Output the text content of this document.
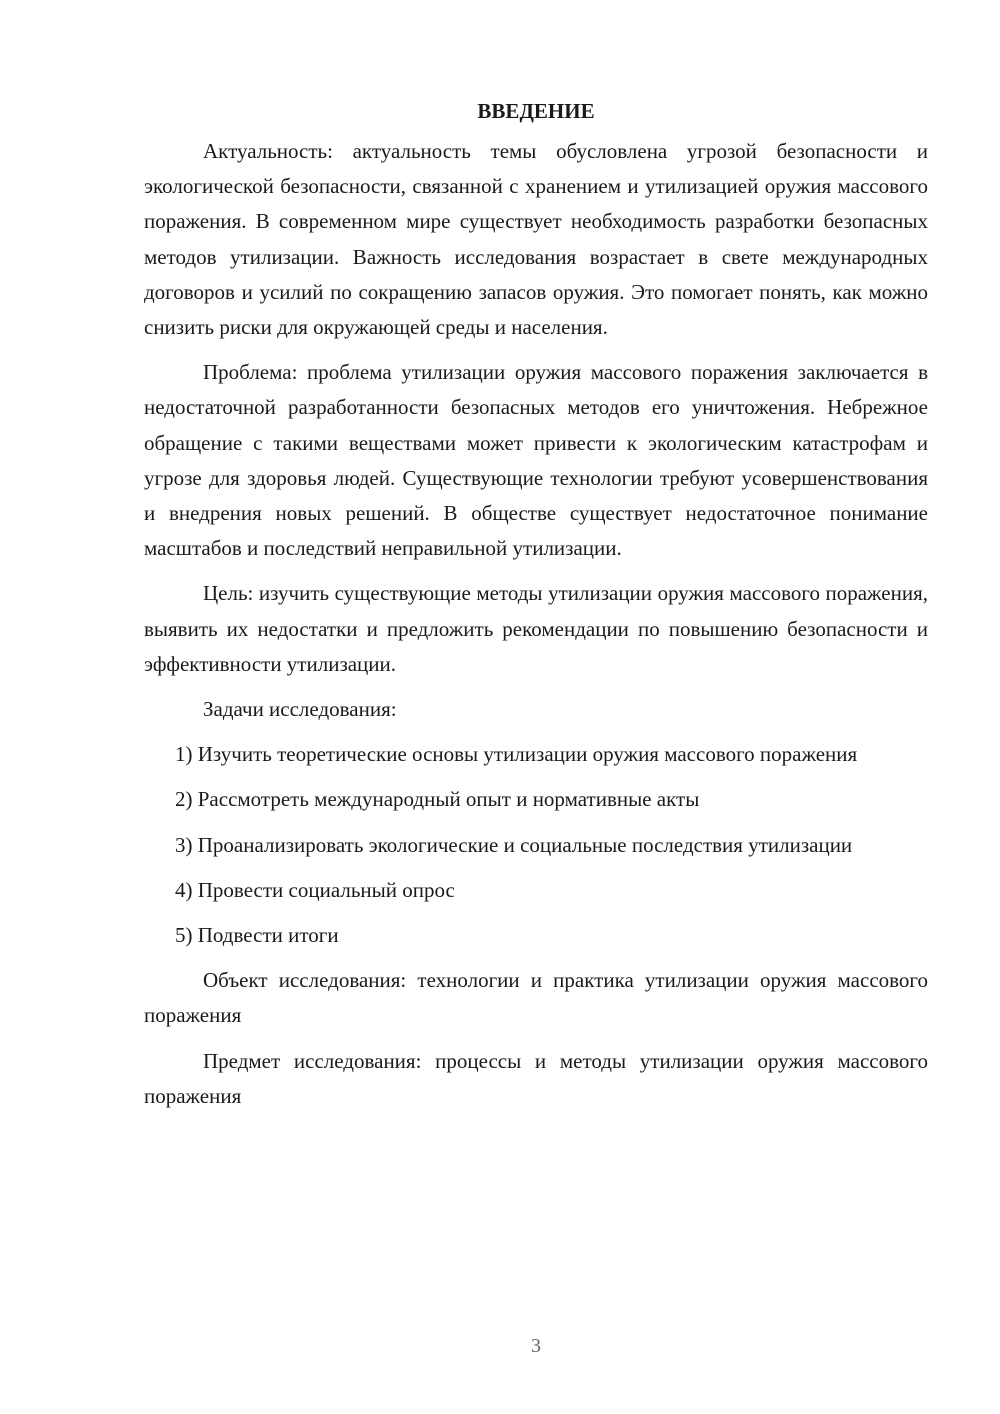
ВВЕДЕНИЕ

Актуальность: актуальность темы обусловлена угрозой безопасности и экологической безопасности, связанной с хранением и утилизацией оружия массового поражения. В современном мире существует необходимость разработки безопасных методов утилизации. Важность исследования возрастает в свете международных договоров и усилий по сокращению запасов оружия. Это помогает понять, как можно снизить риски для окружающей среды и населения.

Проблема: проблема утилизации оружия массового поражения заключается в недостаточной разработанности безопасных методов его уничтожения. Небрежное обращение с такими веществами может привести к экологическим катастрофам и угрозе для здоровья людей. Существующие технологии требуют усовершенствования и внедрения новых решений. В обществе существует недостаточное понимание масштабов и последствий неправильной утилизации.

Цель: изучить существующие методы утилизации оружия массового поражения, выявить их недостатки и предложить рекомендации по повышению безопасности и эффективности утилизации.

Задачи исследования:

1) Изучить теоретические основы утилизации оружия массового поражения

2) Рассмотреть международный опыт и нормативные акты

3) Проанализировать экологические и социальные последствия утилизации

4) Провести социальный опрос

5) Подвести итоги

Объект исследования: технологии и практика утилизации оружия массового поражения

Предмет исследования: процессы и методы утилизации оружия массового поражения

3
